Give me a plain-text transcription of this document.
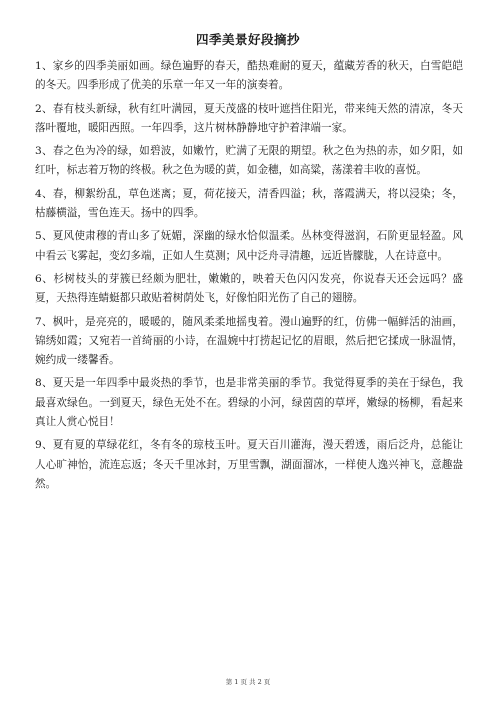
四季美景好段摘抄

1、家乡的四季美丽如画。绿色遍野的春天，酷热难耐的夏天，蕴藏芳香的秋天，白雪皑皑的冬天。四季形成了优美的乐章一年又一年的演奏着。

2、春有枝头新绿，秋有红叶满园，夏天茂盛的枝叶遮挡住阳光，带来纯天然的清凉，冬天落叶覆地，暖阳西照。一年四季，这片树林静静地守护着津端一家。

3、春之色为冷的绿，如碧波，如嫩竹，贮满了无限的期望。秋之色为热的赤，如夕阳，如红叶，标志着万物的终极。秋之色为暖的黄，如金穗，如高粱，荡漾着丰收的喜悦。

4、春，柳絮纷乱，草色迷离；夏，荷花接天，清香四溢；秋，落霞满天，将以浸染；冬，枯藤横溢，雪色连天。扬中的四季。

5、夏风使肃穆的青山多了妩媚，深幽的绿水恰似温柔。丛林变得滋润，石阶更显轻盈。风中看云飞雾起，变幻多端，正如人生莫测；风中泛舟寻清趣，远近皆朦胧，人在诗意中。

6、杉树枝头的芽簇已经颇为肥壮，嫩嫩的，映着天色闪闪发亮，你说春天还会远吗？盛夏，天热得连蜻蜓都只敢贴着树荫处飞，好像怕阳光伤了自己的翅膀。

7、枫叶，是亮亮的，暖暖的，随风柔柔地摇曳着。漫山遍野的红，仿佛一幅鲜活的油画，锦绣如霞；又宛若一首绮丽的小诗，在温婉中打捞起记忆的眉眼，然后把它揉成一脉温情，婉约成一缕馨香。

8、夏天是一年四季中最炎热的季节，也是非常美丽的季节。我觉得夏季的美在于绿色，我最喜欢绿色。一到夏天，绿色无处不在。碧绿的小河，绿茵茵的草坪，嫩绿的杨柳，看起来真让人赏心悦目！

9、夏有夏的草绿花红，冬有冬的琼枝玉叶。夏天百川灌海，漫天碧透，雨后泛舟，总能让人心旷神怡，流连忘返；冬天千里冰封，万里雪飘，湖面溜冰，一样使人逸兴神飞，意趣盎然。

第 1 页 共 2 页
